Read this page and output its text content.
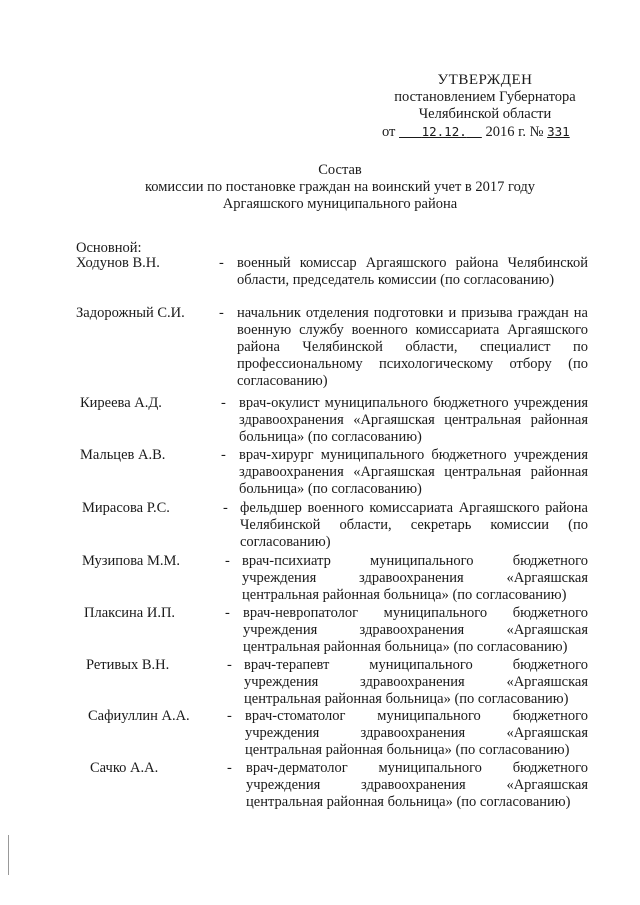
УТВЕРЖДЕН
постановлением Губернатора
Челябинской области
от 12.12. 2016 г. № 331
Состав
комиссии по постановке граждан на воинский учет в 2017 году
Аргаяшского муниципального района
Основной:
Ходунов В.Н.	- военный комиссар Аргаяшского района Челябинской области, председатель комиссии (по согласованию)
Задорожный С.И. - начальник отделения подготовки и призыва граждан на военную службу военного комиссариата Аргаяшского района Челябинской области, специалист по профессиональному психологическому отбору (по согласованию)
Киреева А.Д.	- врач-окулист муниципального бюджетного учреждения здравоохранения «Аргаяшская центральная районная больница» (по согласованию)
Мальцев А.В.	- врач-хирург муниципального бюджетного учреждения здравоохранения «Аргаяшская центральная районная больница» (по согласованию)
Мирасова Р.С.	- фельдшер военного комиссариата Аргаяшского района Челябинской области, секретарь комиссии (по согласованию)
Музипова М.М.	- врач-психиатр муниципального бюджетного учреждения здравоохранения «Аргаяшская центральная районная больница» (по согласованию)
Плаксина И.П.	- врач-невропатолог муниципального бюджетного учреждения здравоохранения «Аргаяшская центральная районная больница» (по согласованию)
Ретивых В.Н.	- врач-терапевт муниципального бюджетного учреждения здравоохранения «Аргаяшская центральная районная больница» (по согласованию)
Сафиуллин А.А.	- врач-стоматолог муниципального бюджетного учреждения здравоохранения «Аргаяшская центральная районная больница» (по согласованию)
Сачко А.А.	- врач-дерматолог муниципального бюджетного учреждения здравоохранения «Аргаяшская центральная районная больница» (по согласованию)
